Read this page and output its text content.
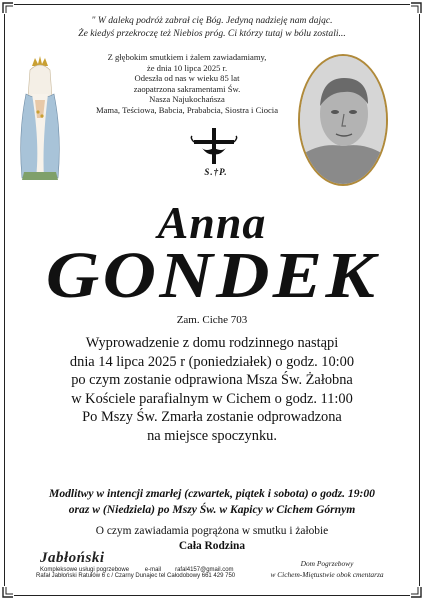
" W dalekq podróż zabrał cię Bóg. Jedynq nadzieję nam dając.
Że kiedyś przekroczę też Niebios próg. Ci którzy tutaj w bólu zostali...
Z głębokim smutkiem i żalem zawiadamiamy,
że dnia 10 lipca 2025 r.
Odeszła od nas w wieku 85 lat
zaopatrzona sakramentami Św.
Nasza Najukochańsza
Mama, Teściowa, Babcia, Prababcia, Siostra i Ciocia
S.†P.
Anna
GONDEK
Zam. Ciche 703
Wyprowadzenie z domu rodzinnego nastąpi
dnia 14 lipca 2025 r (poniedziałek) o godz. 10:00
po czym zostanie odprawiona Msza Św. Żałobna
w Kościele parafialnym w Cichem o godz. 11:00
Po Mszy Św. Zmarła zostanie odprowadzona
na miejsce spoczynku.
Modlitwy w intencji zmarłej (czwartek, piątek i sobota) o godz. 19:00
oraz w (Niedziela) po Mszy Św. w Kapicy w Cichem Górnym
O czym zawiadamia pogrążona w smutku i żałobie
Cała Rodzina
Jabłoński
Kompleksowe usługi pogrzebowe	e-mail rafal4157@gmail.com
Rafał Jabłoński Ratułów 6 c / Czarny Dunajec tel Całodobowy 661 429 750
Dom Pogrzebowy
w Cichem-Miętustwie obok cmentarza
